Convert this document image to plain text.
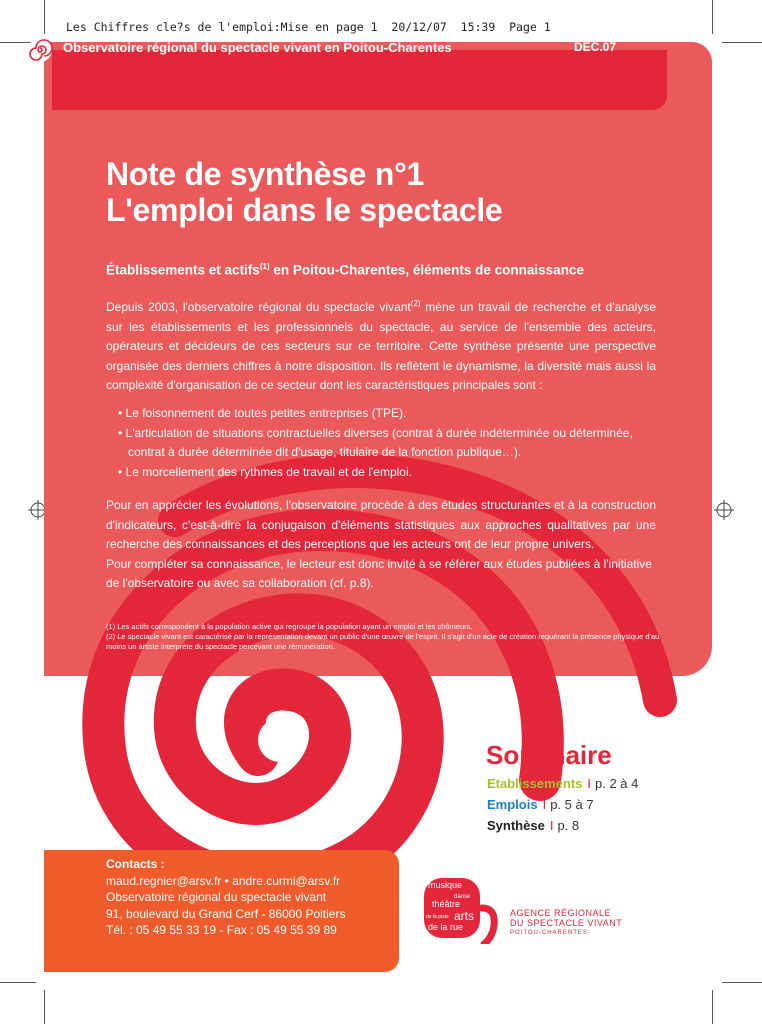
Les Chiffres cle?s de l'emploi:Mise en page 1  20/12/07  15:39  Page 1
Observatoire régional du spectacle vivant en Poitou-Charentes	DÉC.07
Note de synthèse n°1
L'emploi dans le spectacle
Établissements et actifs$^{(1)}$ en Poitou-Charentes, éléments de connaissance
Depuis 2003, l'observatoire régional du spectacle vivant$^{(2)}$ mène un travail de recherche et d'analyse sur les établissements et les professionnels du spectacle, au service de l'ensemble des acteurs, opérateurs et décideurs de ces secteurs sur ce territoire. Cette synthèse présente une perspective organisée des derniers chiffres à notre disposition. Ils reflètent le dynamisme, la diversité mais aussi la complexité d'organisation de ce secteur dont les caractéristiques principales sont :
• Le foisonnement de toutes petites entreprises (TPE).
• L'articulation de situations contractuelles diverses (contrat à durée indéterminée ou déterminée, contrat à durée déterminée dit d'usage, titulaire de la fonction publique…).
• Le morcellement des rythmes de travail et de l'emploi.
Pour en apprécier les évolutions, l'observatoire procède à des études structurantes et à la construction d'indicateurs, c'est-à-dire la conjugaison d'éléments statistiques aux approches qualitatives par une recherche des connaissances et des perceptions que les acteurs ont de leur propre univers.
Pour compléter sa connaissance, le lecteur est donc invité à se référer aux études publiées à l'initiative de l'observatoire ou avec sa collaboration (cf. p.8).
(1) Les actifs correspondent à la population active qui regroupe la population ayant un emploi et les chômeurs.
(2) Le spectacle vivant est caractérisé par la représentation devant un public d'une œuvre de l'esprit. Il s'agit d'un acte de création requérant la présence physique d'au moins un artiste interprète du spectacle percevant une rémunération.
Sommaire
Etablissements I p. 2 à 4
Emplois I p. 5 à 7
Synthèse I p. 8
Contacts :
maud.regnier@arsv.fr • andre.curmi@arsv.fr
Observatoire régional du spectacle vivant
91, boulevard du Grand Cerf - 86000 Poitiers
Tél. : 05 49 55 33 19 - Fax : 05 49 55 39 89
musique
danse
théâtre
de la piste arts
de la rue
AGENCE RÉGIONALE
DU SPECTACLE VIVANT
POITOU-CHARENTES
